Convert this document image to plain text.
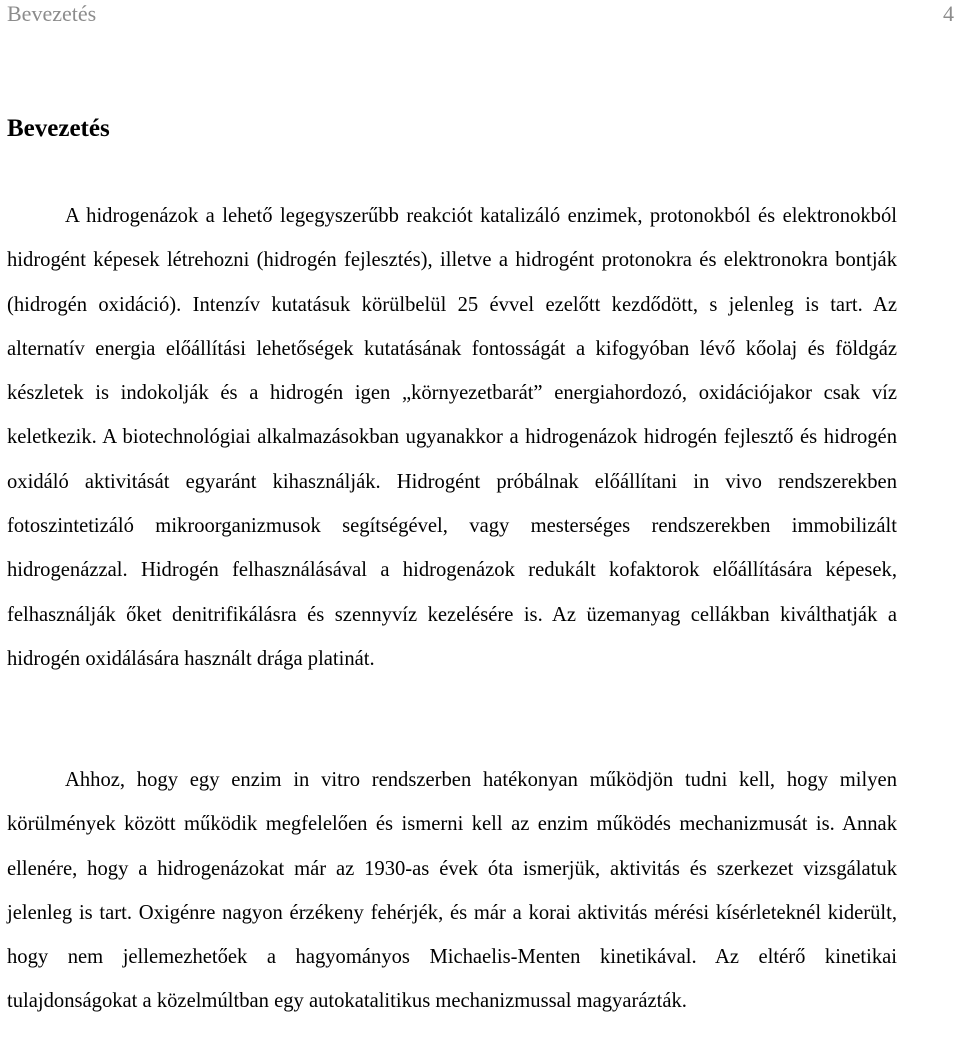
Bevezetés	4
Bevezetés

A hidrogenázok a lehető legegyszerűbb reakciót katalizáló enzimek, protonokból és elektronokból hidrogént képesek létrehozni (hidrogén fejlesztés), illetve a hidrogént protonokra és elektronokra bontják (hidrogén oxidáció). Intenzív kutatásuk körülbelül 25 évvel ezelőtt kezdődött, s jelenleg is tart. Az alternatív energia előállítási lehetőségek kutatásának fontosságát a kifogyóban lévő kőolaj és földgáz készletek is indokolják és a hidrogén igen „környezetbarát” energiahordozó, oxidációjakor csak víz keletkezik. A biotechnológiai alkalmazásokban ugyanakkor a hidrogenázok hidrogén fejlesztő és hidrogén oxidáló aktivitását egyaránt kihasználják. Hidrogént próbálnak előállítani in vivo rendszerekben fotoszintetizáló mikroorganizmusok segítségével, vagy mesterséges rendszerekben immobilizált hidrogenázzal. Hidrogén felhasználásával a hidrogenázok redukált kofaktorok előállítására képesek, felhasználják őket denitrifikálásra és szennyvíz kezelésére is. Az üzemanyag cellákban kiválthatják a hidrogén oxidálására használt drága platinát.

Ahhoz, hogy egy enzim in vitro rendszerben hatékonyan működjön tudni kell, hogy milyen körülmények között működik megfelelően és ismerni kell az enzim működés mechanizmusát is. Annak ellenére, hogy a hidrogenázokat már az 1930-as évek óta ismerjük, aktivitás és szerkezet vizsgálatuk jelenleg is tart. Oxigénre nagyon érzékeny fehérjék, és már a korai aktivitás mérési kísérleteknél kiderült, hogy nem jellemezhetőek a hagyományos Michaelis-Menten kinetikával. Az eltérő kinetikai tulajdonságokat a közelmúltban egy autokatalitikus mechanizmussal magyarázták.
